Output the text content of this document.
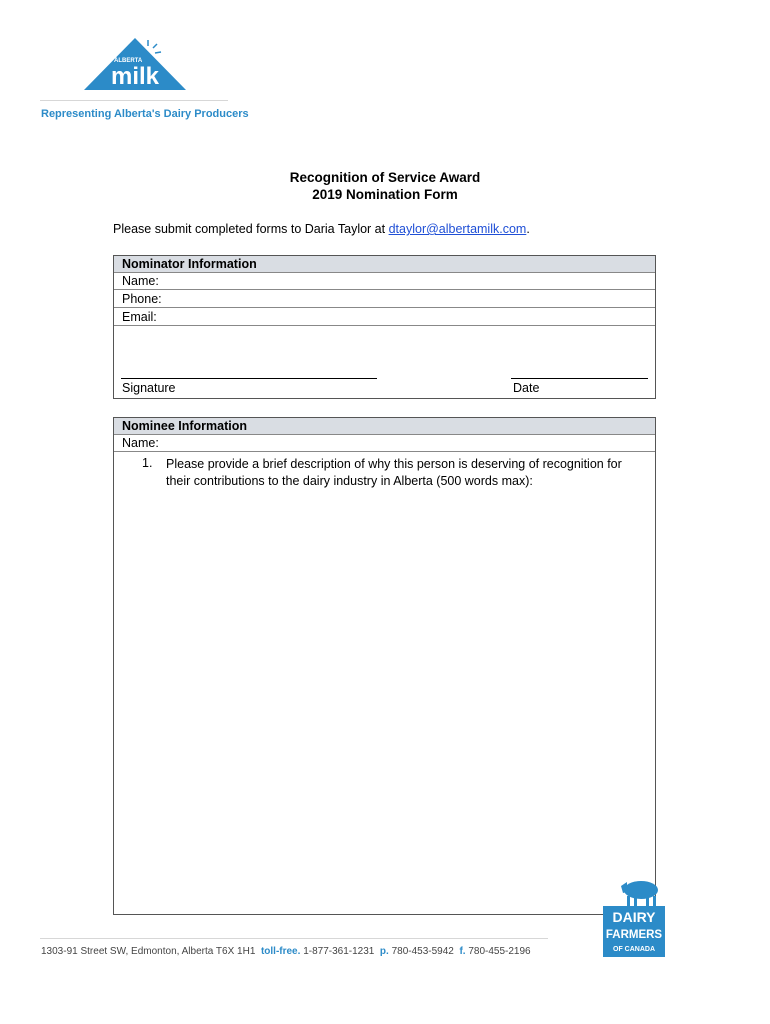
ALBERTA
milk
Representing Alberta's Dairy Producers
Recognition of Service Award
2019 Nomination Form
Please submit completed forms to Daria Taylor at dtaylor@albertamilk.com.
Nominator Information
Name:
Phone:
Email:
Signature	Date
Nominee Information
Name:
1. Please provide a brief description of why this person is deserving of recognition for their contributions to the dairy industry in Alberta (500 words max):
DAIRY
FARMERS
OF CANADA
1303-91 Street SW, Edmonton, Alberta T6X 1H1 toll-free. 1-877-361-1231 p. 780-453-5942 f. 780-455-2196
